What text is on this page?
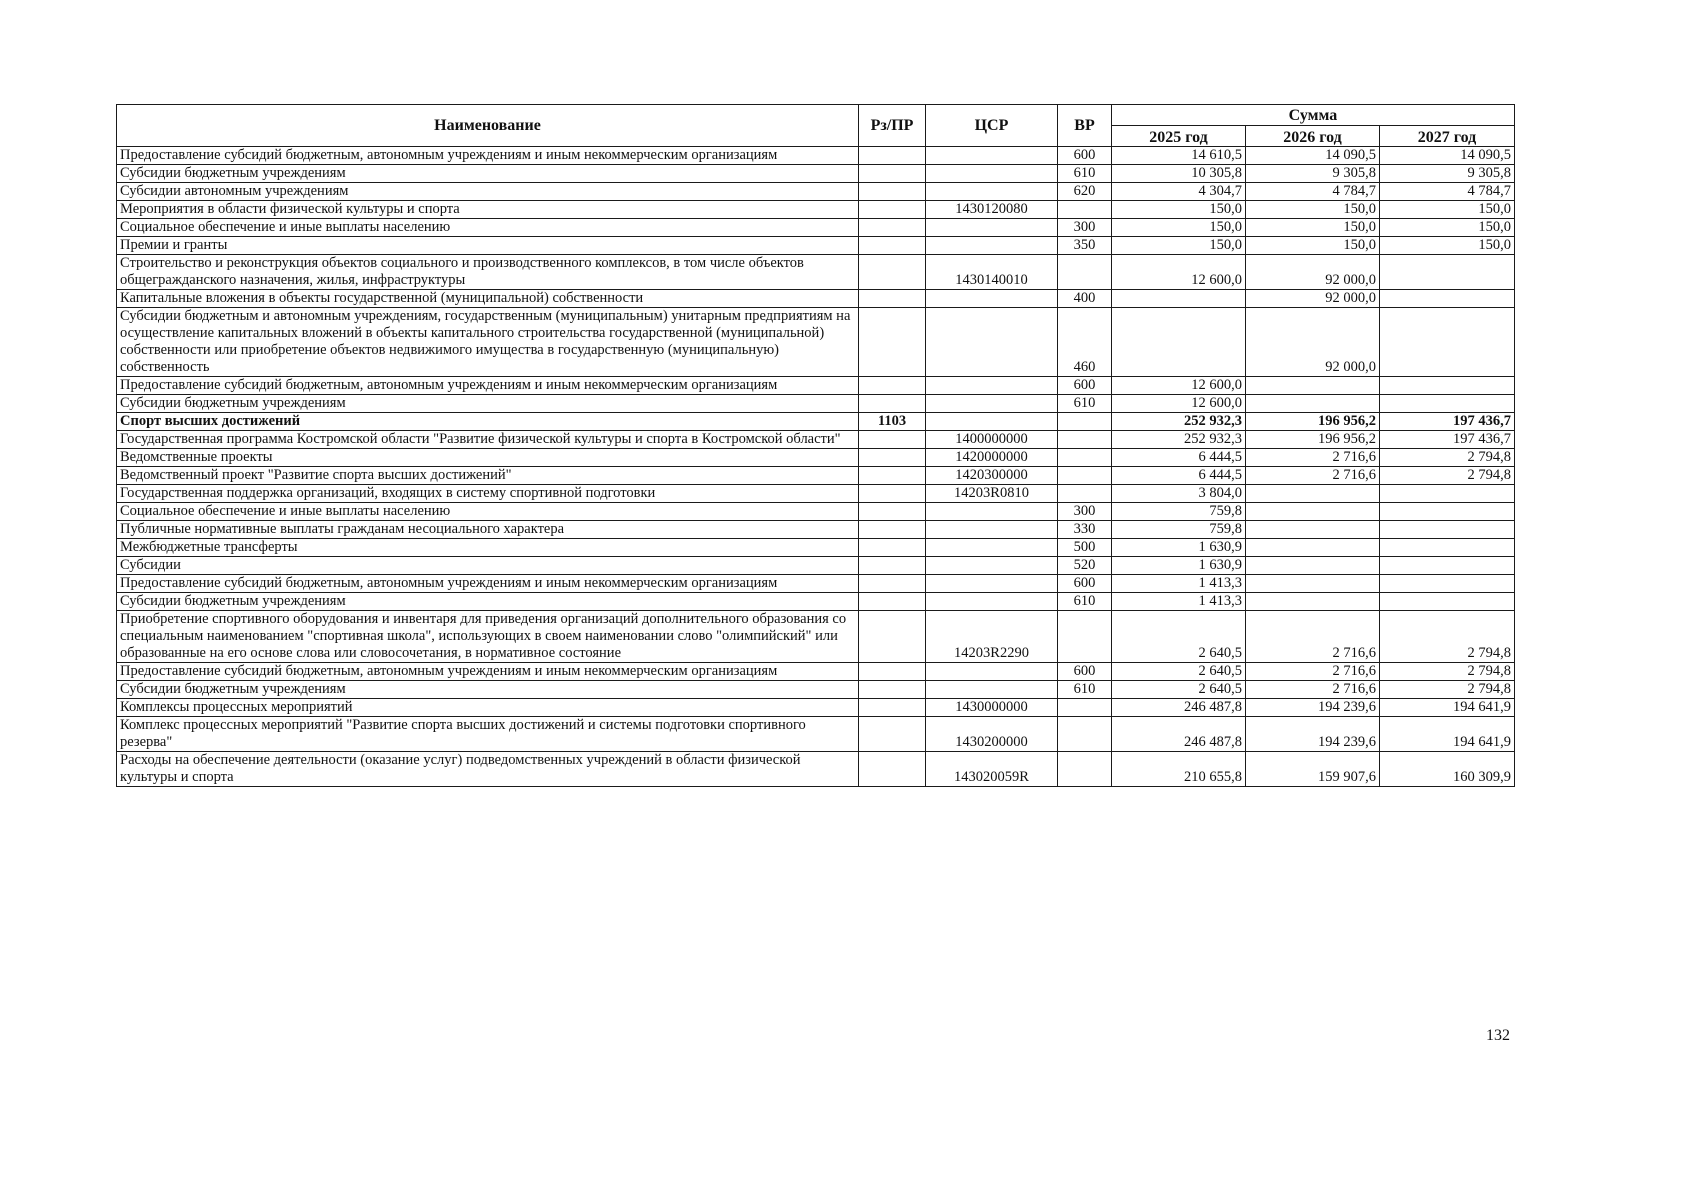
Наименование	Рз/ПР	ЦСР	ВР	Сумма		
				2025 год	2026 год	2027 год
Предоставление субсидий бюджетным, автономным учреждениям и иным некоммерческим организациям			600	14 610,5	14 090,5	14 090,5
Субсидии бюджетным учреждениям			610	10 305,8	9 305,8	9 305,8
Субсидии автономным учреждениям			620	4 304,7	4 784,7	4 784,7
Мероприятия в области физической культуры и спорта		1430120080		150,0	150,0	150,0
Социальное обеспечение и иные выплаты населению			300	150,0	150,0	150,0
Премии и гранты			350	150,0	150,0	150,0
Строительство и реконструкция объектов социального и производственного комплексов, в том числе объектов общегражданского назначения, жилья, инфраструктуры		1430140010		12 600,0	92 000,0	
Капитальные вложения в объекты государственной (муниципальной) собственности			400		92 000,0	
Субсидии бюджетным и автономным учреждениям, государственным (муниципальным) унитарным предприятиям на осуществление капитальных вложений в объекты капитального строительства государственной (муниципальной) собственности или приобретение объектов недвижимого имущества в государственную (муниципальную) собственность			460		92 000,0	
Предоставление субсидий бюджетным, автономным учреждениям и иным некоммерческим организациям			600	12 600,0		
Субсидии бюджетным учреждениям			610	12 600,0		
Спорт высших достижений	1103			252 932,3	196 956,2	197 436,7
Государственная программа Костромской области "Развитие физической культуры и спорта в Костромской области"		1400000000		252 932,3	196 956,2	197 436,7
Ведомственные проекты		1420000000		6 444,5	2 716,6	2 794,8
Ведомственный проект "Развитие спорта высших достижений"		1420300000		6 444,5	2 716,6	2 794,8
Государственная поддержка организаций, входящих в систему спортивной подготовки		14203R0810		3 804,0		
Социальное обеспечение и иные выплаты населению			300	759,8		
Публичные нормативные выплаты гражданам несоциального характера			330	759,8		
Межбюджетные трансферты			500	1 630,9		
Субсидии			520	1 630,9		
Предоставление субсидий бюджетным, автономным учреждениям и иным некоммерческим организациям			600	1 413,3		
Субсидии бюджетным учреждениям			610	1 413,3		
Приобретение спортивного оборудования и инвентаря для приведения организаций дополнительного образования со специальным наименованием "спортивная школа", использующих в своем наименовании слово "олимпийский" или образованные на его основе слова или словосочетания, в нормативное состояние		14203R2290		2 640,5	2 716,6	2 794,8
Предоставление субсидий бюджетным, автономным учреждениям и иным некоммерческим организациям			600	2 640,5	2 716,6	2 794,8
Субсидии бюджетным учреждениям			610	2 640,5	2 716,6	2 794,8
Комплексы процессных мероприятий		1430000000		246 487,8	194 239,6	194 641,9
Комплекс процессных мероприятий "Развитие спорта высших достижений и системы подготовки спортивного резерва"		1430200000		246 487,8	194 239,6	194 641,9
Расходы на обеспечение деятельности (оказание услуг) подведомственных учреждений в области физической культуры и спорта		143020059R		210 655,8	159 907,6	160 309,9
132
